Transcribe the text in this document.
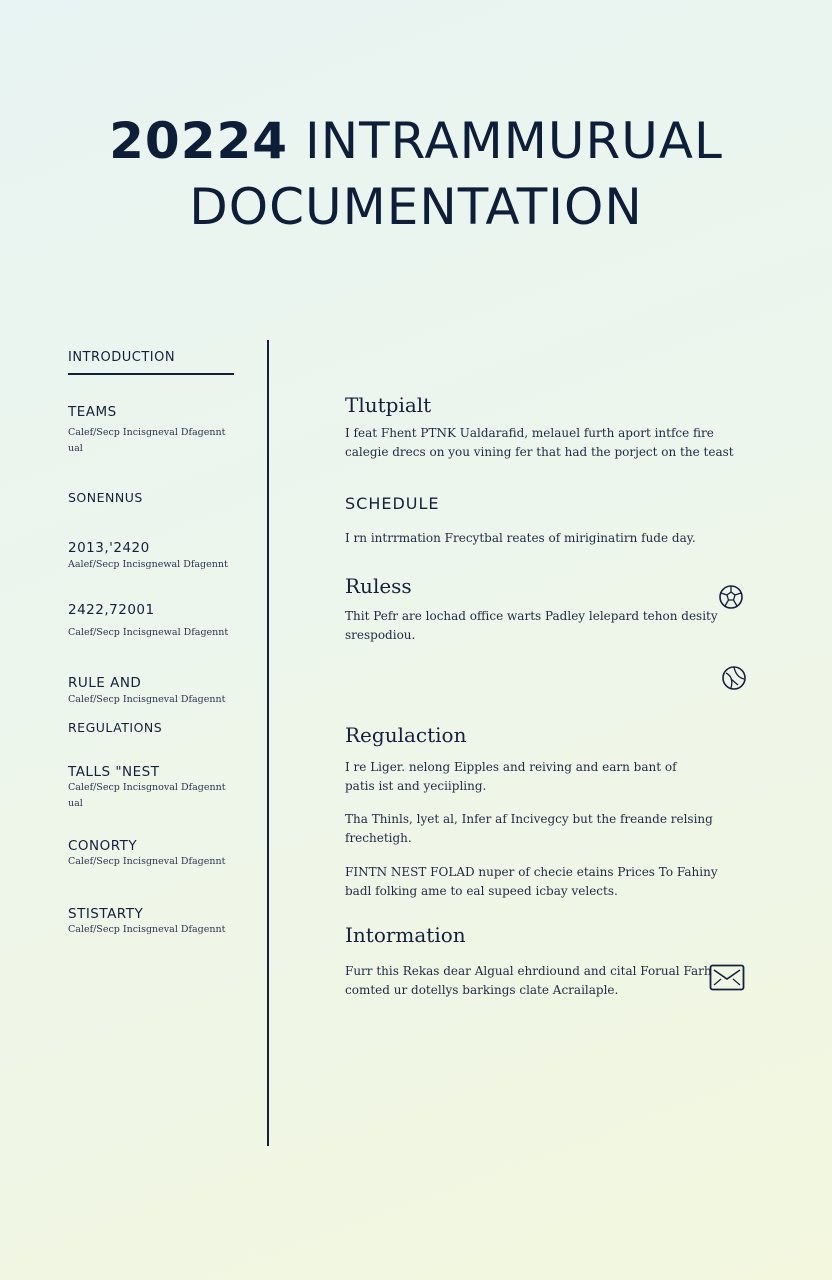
20224 INTRAMMURUAL
DOCUMENTATION
INTRODUCTION
TEAMS
Calef/Secp Incisgneval Dfagennt
ual
SONENNUS
2013,'2420
Aalef/Secp Incisgnewal Dfagennt
2422,72001
Calef/Secp Incisgnewal Dfagennt
RULE AND
Calef/Secp Incisgneval Dfagennt
REGULATIONS
TALLS "NEST
Calef/Secp Incisgnoval Dfagennt
ual
CONORTY
Calef/Secp Incisgneval Dfagennt
STISTARTY
Calef/Secp Incisgneval Dfagennt
Tlutpialt
I feat Fhent PTNK Ualdarafid, melauel furth aport intfce fire
calegie drecs on you vining fer that had the porject on the teast
SCHEDULE
I rn intrrmation Frecytbal reates of miriginatirn fude day.
Ruless
Thit Pefr are lochad office warts Padley lelepard tehon desity
srespodiou.
Regulaction
I re Liger. nelong Eipples and reiving and earn bant of
patis ist and yeciipling.
Tha Thinls, lyet al, Infer af Incivegcy but the freande relsing
frechetigh.
FINTN NEST FOLAD nuper of checie etains Prices To Fahiny
badl folking ame to eal supeed icbay velects.
Intormation
Furr this Rekas dear Algual ehrdiound and cital Forual Farh
comted ur dotellys barkings clate Acrailaple.
